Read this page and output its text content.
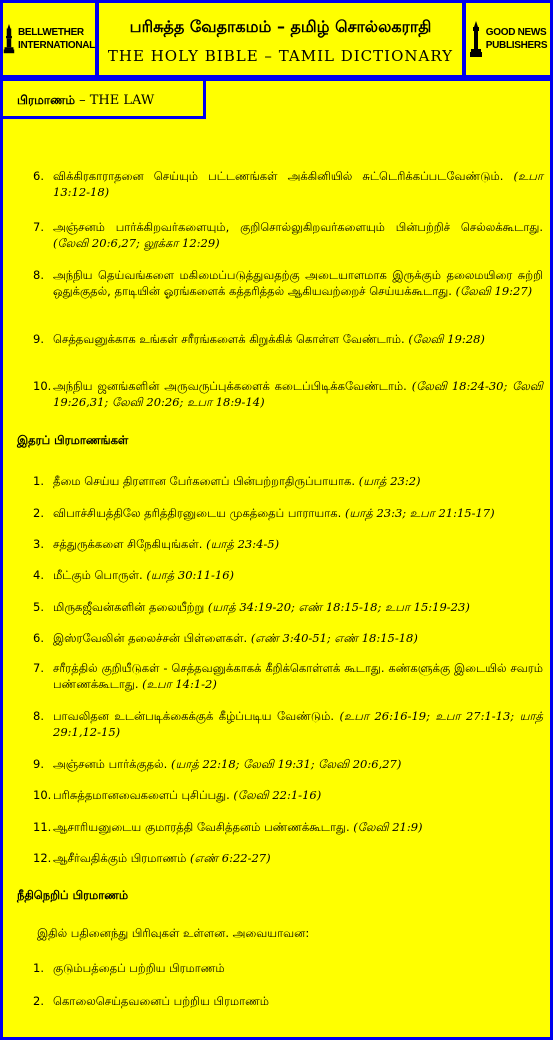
BELLWETHER
INTERNATIONAL
பரிசுத்த வேதாகமம் – தமிழ் சொல்லகராதி
THE HOLY BIBLE – TAMIL DICTIONARY
GOOD NEWS
PUBLISHERS
பிரமாணம் – THE LAW
6. விக்கிரகாராதனை செய்யும் பட்டணங்கள் அக்கினியில் சுட்டெரிக்கப்படவேண்டும். (உபா 13:12-18)
7. அஞ்சனம் பார்க்கிறவர்களையும், குறிசொல்லுகிறவர்களையும் பின்பற்றிச் செல்லக்கூடாது. (லேவி 20:6,27; லூக்கா 12:29)
8. அந்நிய தெய்வங்களை மகிமைப்படுத்துவதற்கு அடையாளமாக இருக்கும் தலைமயிரை சுற்றி ஒதுக்குதல், தாடியின் ஓரங்களைக் கத்தரித்தல் ஆகியவற்றைச் செய்யக்கூடாது. (லேவி 19:27)
9. செத்தவனுக்காக உங்கள் சரீரங்களைக் கிறுக்கிக் கொள்ள வேண்டாம். (லேவி 19:28)
10. அந்நிய ஜனங்களின் அருவருப்புக்களைக் கடைப்பிடிக்கவேண்டாம். (லேவி 18:24-30; லேவி 19:26,31; லேவி 20:26; உபா 18:9-14)
இதரப் பிரமாணங்கள்
1. தீமை செய்ய திரளான பேர்களைப் பின்பற்றாதிருப்பாயாக. (யாத் 23:2)
2. விபாச்சியத்திலே தரித்திரனுடைய முகத்தைப் பாராயாக. (யாத் 23:3; உபா 21:15-17)
3. சத்துருக்களை சிநேகியுங்கள். (யாத் 23:4-5)
4. மீட்கும் பொருள். (யாத் 30:11-16)
5. மிருகஜீவன்களின் தலையீற்று (யாத் 34:19-20; எண் 18:15-18; உபா 15:19-23)
6. இஸ்ரவேலின் தலைச்சன் பிள்ளைகள். (எண் 3:40-51; எண் 18:15-18)
7. சரீரத்தில் குறியீடுகள் - செத்தவனுக்காகக் கீறிக்கொள்ளக் கூடாது. கண்களுக்கு இடையில் சவரம் பண்ணக்கூடாது. (உபா 14:1-2)
8. பாவலிதன உடன்படிக்கைக்குக் கீழ்ப்படிய வேண்டும். (உபா 26:16-19; உபா 27:1-13; யாத் 29:1,12-15)
9. அஞ்சனம் பார்க்குதல். (யாத் 22:18; லேவி 19:31; லேவி 20:6,27)
10. பரிசுத்தமானவைகளைப் புசிப்பது. (லேவி 22:1-16)
11. ஆசாரியனுடைய குமாரத்தி வேசித்தனம் பண்ணக்கூடாது. (லேவி 21:9)
12. ஆசீர்வதிக்கும் பிரமாணம் (எண் 6:22-27)
நீதிநெறிப் பிரமாணம்
இதில் பதினைந்து பிரிவுகள் உள்ளன. அவையாவன:
1. குடும்பத்தைப் பற்றிய பிரமாணம்
2. கொலைசெய்தவனைப் பற்றிய பிரமாணம்
